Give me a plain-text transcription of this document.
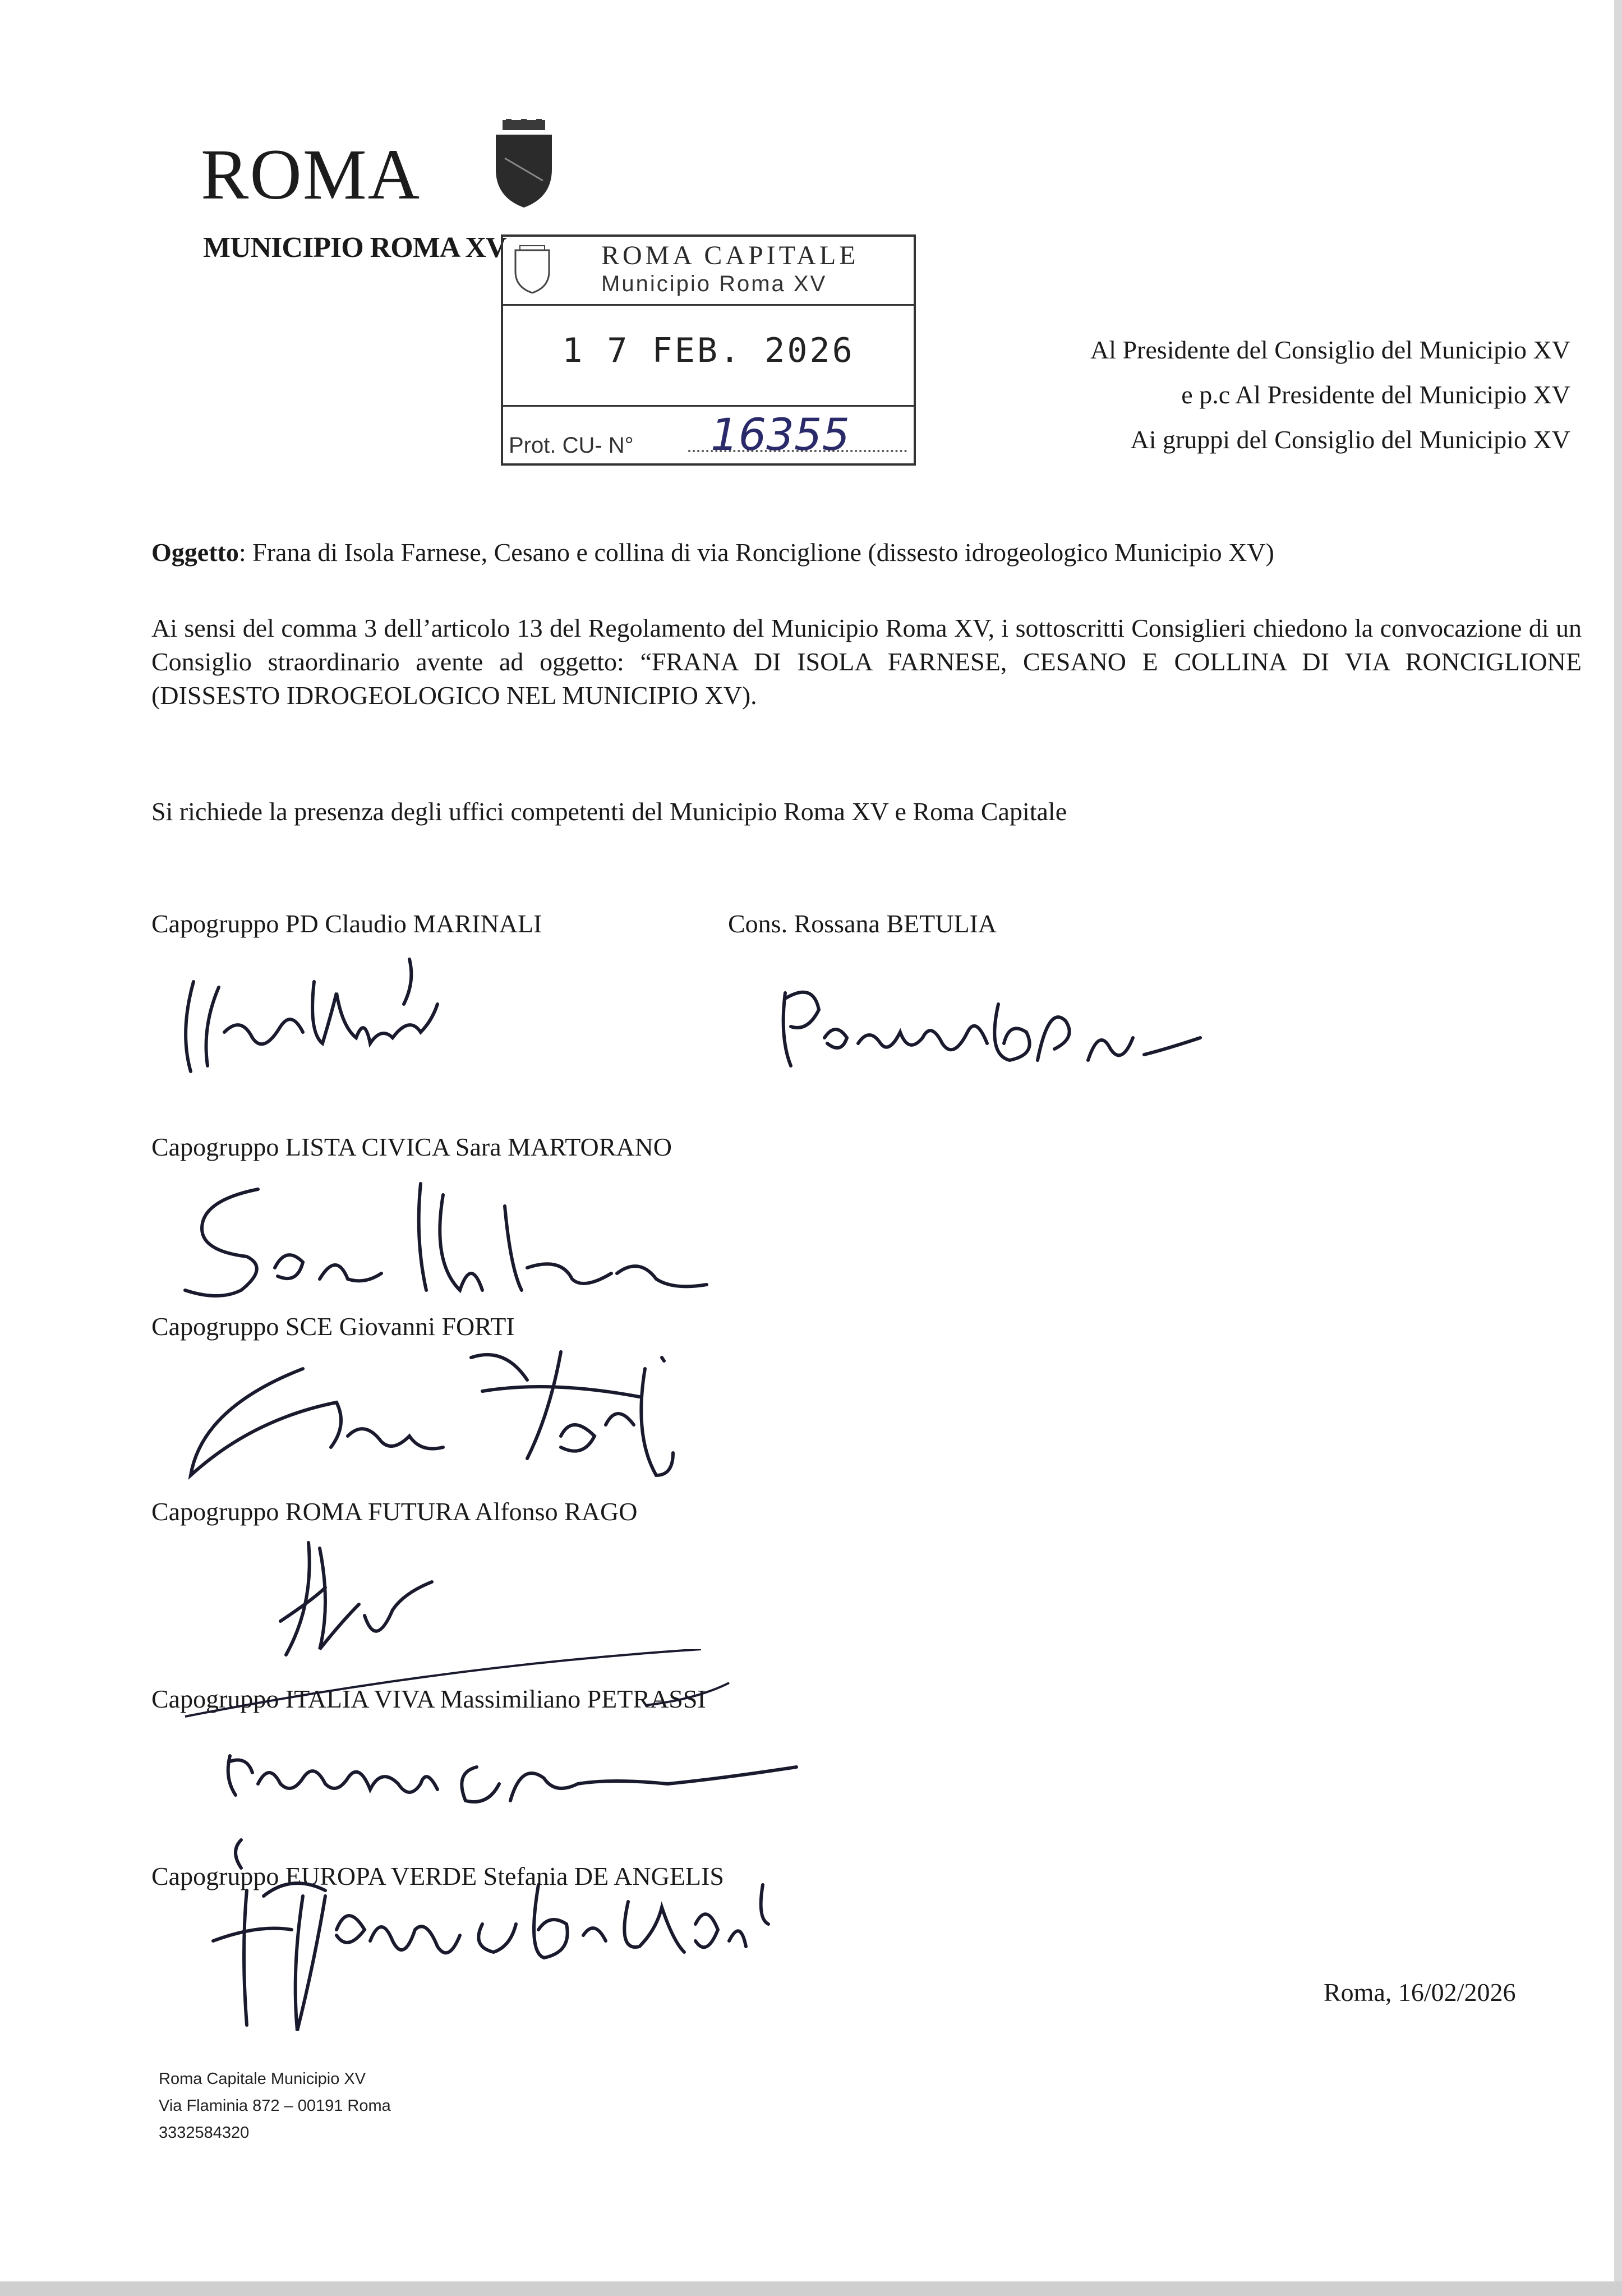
ROMA
MUNICIPIO ROMA XV	ROMA CAPITALE
Municipio Roma XV
1 7 FEB. 2026
Prot. CU- N° 16355
Al Presidente del Consiglio del Municipio XV
e p.c Al Presidente del Municipio XV
Ai gruppi del Consiglio del Municipio XV
Oggetto: Frana di Isola Farnese, Cesano e collina di via Ronciglione (dissesto idrogeologico Municipio XV)
Ai sensi del comma 3 dell’articolo 13 del Regolamento del Municipio Roma XV, i sottoscritti Consiglieri chiedono la convocazione di un Consiglio straordinario avente ad oggetto: “FRANA DI ISOLA FARNESE, CESANO E COLLINA DI VIA RONCIGLIONE (DISSESTO IDROGEOLOGICO NEL MUNICIPIO XV).
Si richiede la presenza degli uffici competenti del Municipio Roma XV e Roma Capitale
Capogruppo PD Claudio MARINALI	Cons. Rossana BETULIA
Capogruppo LISTA CIVICA Sara MARTORANO
Capogruppo SCE Giovanni FORTI
Capogruppo ROMA FUTURA Alfonso RAGO
Capogruppo ITALIA VIVA Massimiliano PETRASSI
Capogruppo EUROPA VERDE Stefania DE ANGELIS
Roma, 16/02/2026
Roma Capitale Municipio XV
Via Flaminia 872 – 00191 Roma
3332584320
